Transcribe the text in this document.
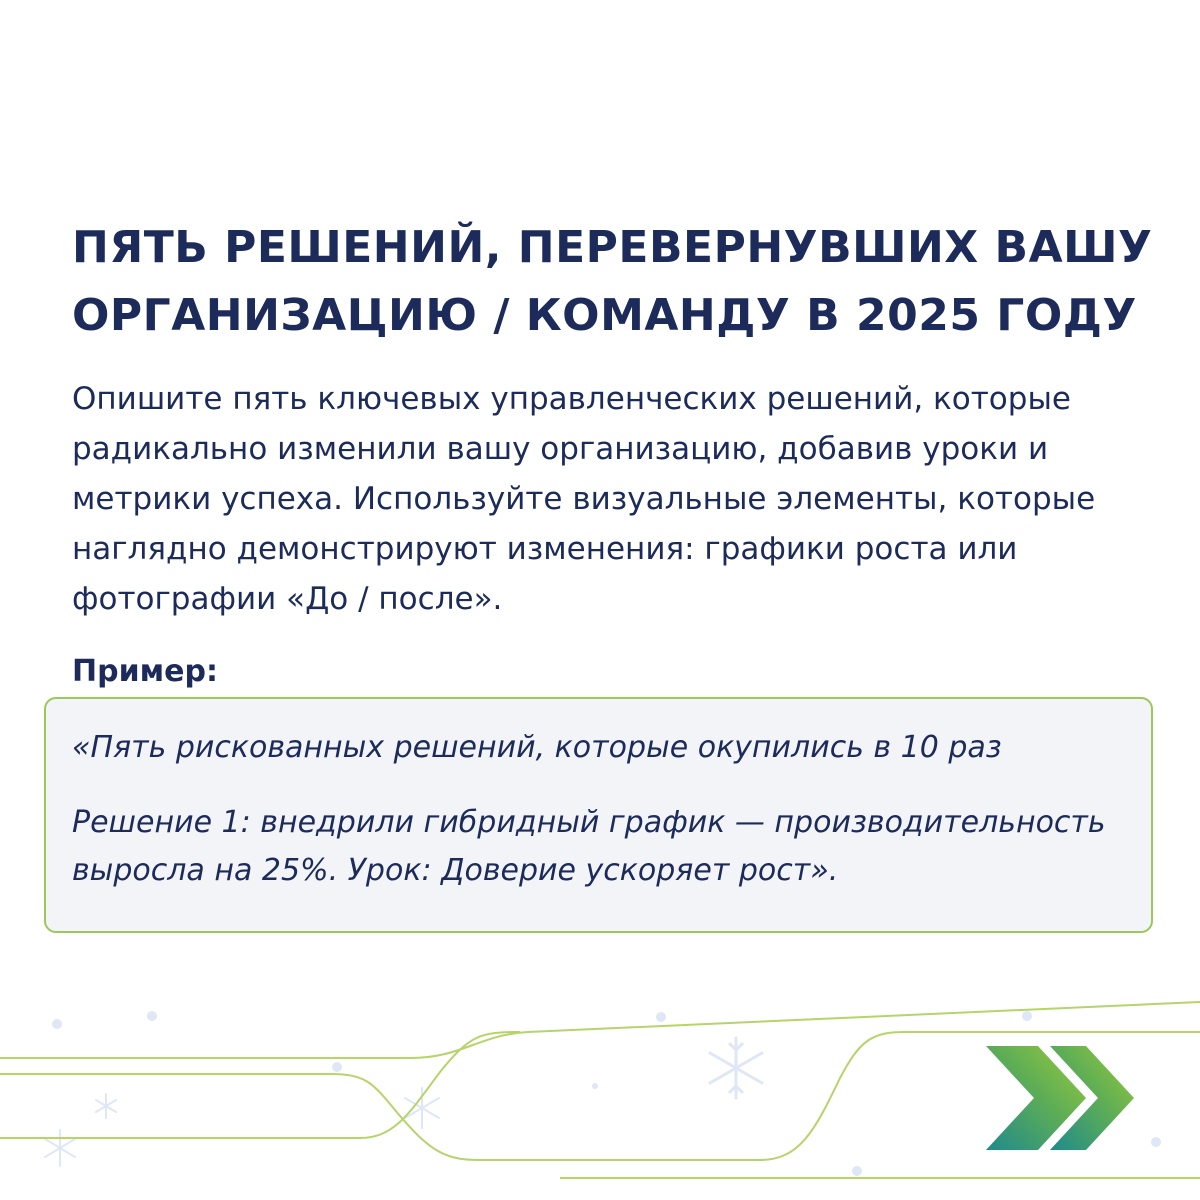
ПЯТЬ РЕШЕНИЙ, ПЕРЕВЕРНУВШИХ ВАШУ
ОРГАНИЗАЦИЮ / КОМАНДУ В 2025 ГОДУ

Опишите пять ключевых управленческих решений, которые
радикально изменили вашу организацию, добавив уроки и
метрики успеха. Используйте визуальные элементы, которые
наглядно демонстрируют изменения: графики роста или
фотографии «До / после».

Пример:

«Пять рискованных решений, которые окупились в 10 раз

Решение 1: внедрили гибридный график — производительность
выросла на 25%. Урок: Доверие ускоряет рост».
